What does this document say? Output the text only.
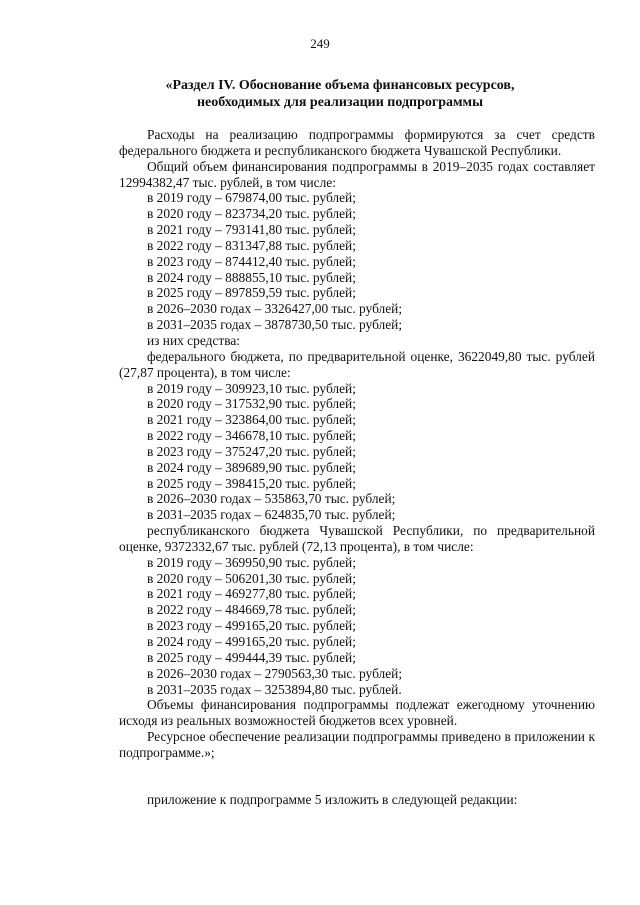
249
«Раздел IV. Обоснование объема финансовых ресурсов,
необходимых для реализации подпрограммы

Расходы на реализацию подпрограммы формируются за счет средств федерального бюджета и республиканского бюджета Чувашской Республики.

Общий объем финансирования подпрограммы в 2019–2035 годах составляет 12994382,47 тыс. рублей, в том числе:

в 2019 году – 679874,00 тыс. рублей;

в 2020 году – 823734,20 тыс. рублей;

в 2021 году – 793141,80 тыс. рублей;

в 2022 году – 831347,88 тыс. рублей;

в 2023 году – 874412,40 тыс. рублей;

в 2024 году – 888855,10 тыс. рублей;

в 2025 году – 897859,59 тыс. рублей;

в 2026–2030 годах – 3326427,00 тыс. рублей;

в 2031–2035 годах – 3878730,50 тыс. рублей;

из них средства:

федерального бюджета, по предварительной оценке, 3622049,80 тыс. рублей (27,87 процента), в том числе:

в 2019 году – 309923,10 тыс. рублей;

в 2020 году – 317532,90 тыс. рублей;

в 2021 году – 323864,00 тыс. рублей;

в 2022 году – 346678,10 тыс. рублей;

в 2023 году – 375247,20 тыс. рублей;

в 2024 году – 389689,90 тыс. рублей;

в 2025 году – 398415,20 тыс. рублей;

в 2026–2030 годах – 535863,70 тыс. рублей;

в 2031–2035 годах – 624835,70 тыс. рублей;

республиканского бюджета Чувашской Республики, по предварительной оценке, 9372332,67 тыс. рублей (72,13 процента), в том числе:

в 2019 году – 369950,90 тыс. рублей;

в 2020 году – 506201,30 тыс. рублей;

в 2021 году – 469277,80 тыс. рублей;

в 2022 году – 484669,78 тыс. рублей;

в 2023 году – 499165,20 тыс. рублей;

в 2024 году – 499165,20 тыс. рублей;

в 2025 году – 499444,39 тыс. рублей;

в 2026–2030 годах – 2790563,30 тыс. рублей;

в 2031–2035 годах – 3253894,80 тыс. рублей.

Объемы финансирования подпрограммы подлежат ежегодному уточнению исходя из реальных возможностей бюджетов всех уровней.

Ресурсное обеспечение реализации подпрограммы приведено в приложении к подпрограмме.»;

приложение к подпрограмме 5 изложить в следующей редакции:
